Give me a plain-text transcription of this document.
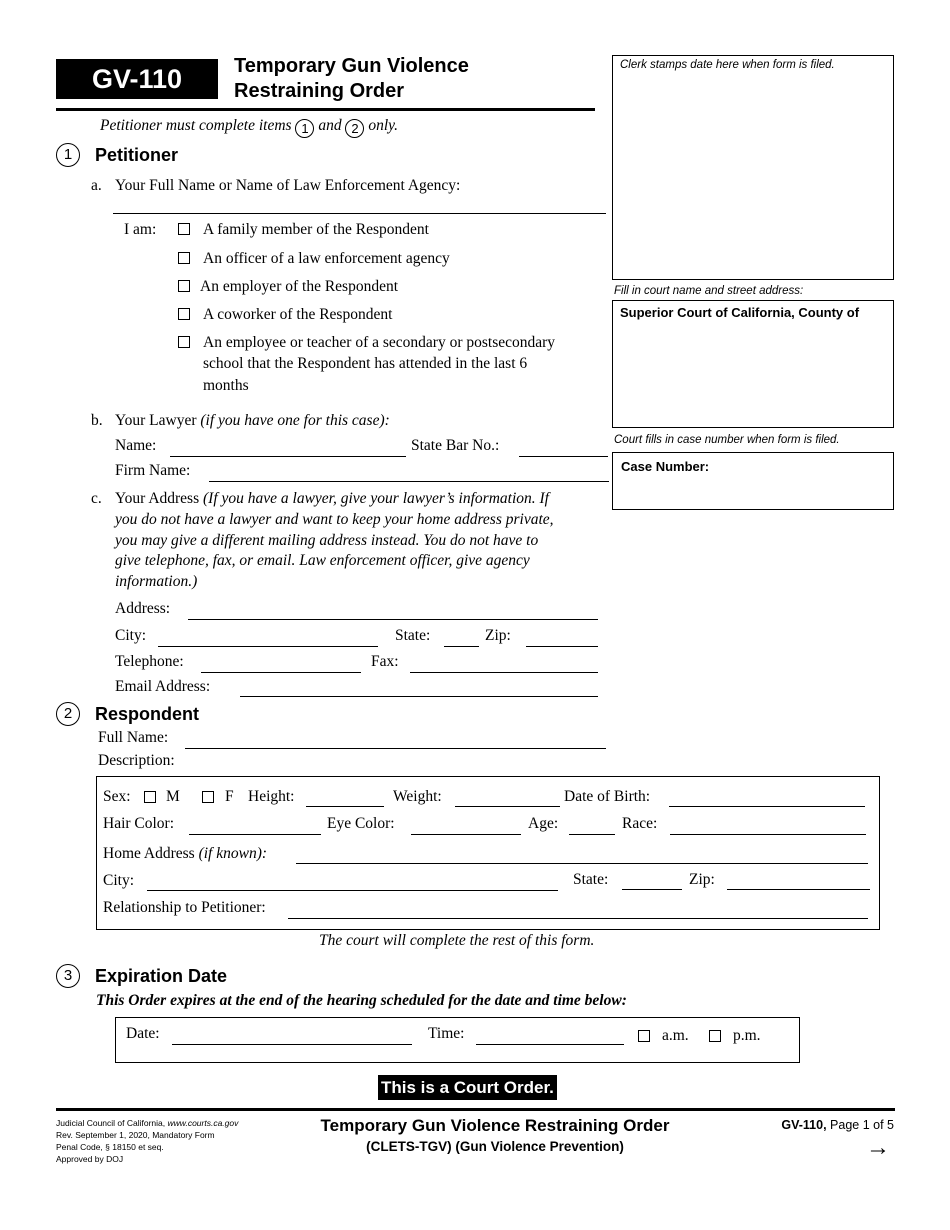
GV-110	Temporary Gun Violence
Restraining Order
Clerk stamps date here when form is filed.
Fill in court name and street address:
Superior Court of California, County of
Court fills in case number when form is filed.
Case Number:
Petitioner must complete items 1 and 2 only.
1	Petitioner
a. Your Full Name or Name of Law Enforcement Agency:
I am:	A family member of the Respondent
An officer of a law enforcement agency
An employer of the Respondent
A coworker of the Respondent
An employee or teacher of a secondary or postsecondary
school that the Respondent has attended in the last 6
months
b. Your Lawyer (if you have one for this case):
Name:	State Bar No.:
Firm Name:
c. Your Address (If you have a lawyer, give your lawyer’s information. If
you do not have a lawyer and want to keep your home address private,
you may give a different mailing address instead. You do not have to
give telephone, fax, or email. Law enforcement officer, give agency
information.)
Address:
City:	State:	Zip:
Telephone:	Fax:
Email Address:
2	Respondent
Full Name:
Description:
Sex: M	F Height:	Weight:	Date of Birth:
Hair Color:	Eye Color:	Age:	Race:
Home Address (if known):
City:	State:	Zip:
Relationship to Petitioner:
The court will complete the rest of this form.
3	Expiration Date
This Order expires at the end of the hearing scheduled for the date and time below:
Date:	Time:	a.m.	p.m.
This is a Court Order.
Judicial Council of California, www.courts.ca.gov
Rev. September 1, 2020, Mandatory Form
Penal Code, § 18150 et seq.
Approved by DOJ
Temporary Gun Violence Restraining Order
(CLETS-TGV) (Gun Violence Prevention)
GV-110, Page 1 of 5
→
